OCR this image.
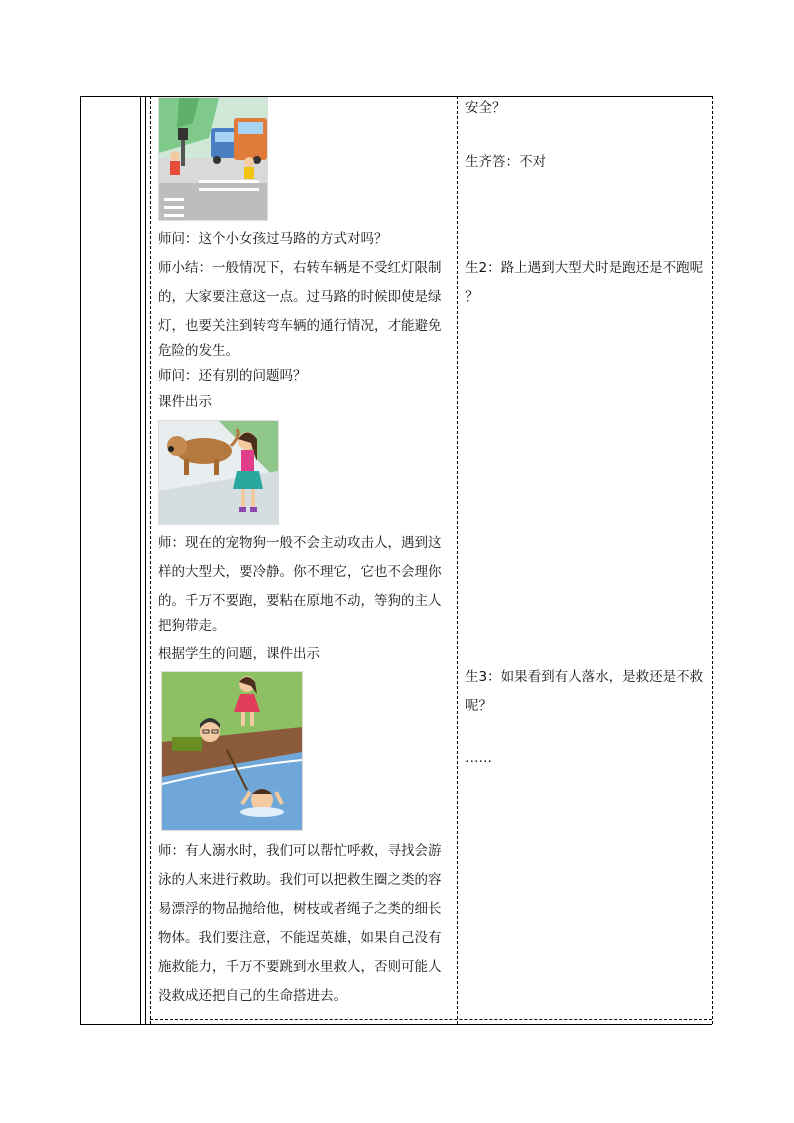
师问：这个小女孩过马路的方式对吗？
师小结：一般情况下，右转车辆是不受红灯限制
的，大家要注意这一点。过马路的时候即使是绿
灯，也要关注到转弯车辆的通行情况，才能避免
危险的发生。
师问：还有别的问题吗？
课件出示
师：现在的宠物狗一般不会主动攻击人，遇到这
样的大型犬，要冷静。你不理它，它也不会理你
的。千万不要跑，要粘在原地不动，等狗的主人
把狗带走。
根据学生的问题，课件出示
师：有人溺水时，我们可以帮忙呼救，寻找会游
泳的人来进行救助。我们可以把救生圈之类的容
易漂浮的物品抛给他，树枝或者绳子之类的细长
物体。我们要注意，不能逞英雄，如果自己没有
施救能力，千万不要跳到水里救人，否则可能人
没救成还把自己的生命搭进去。
安全？
生齐答：不对
生2：路上遇到大型犬时是跑还是不跑呢
？
生3：如果看到有人落水，是救还是不救
呢？
……
